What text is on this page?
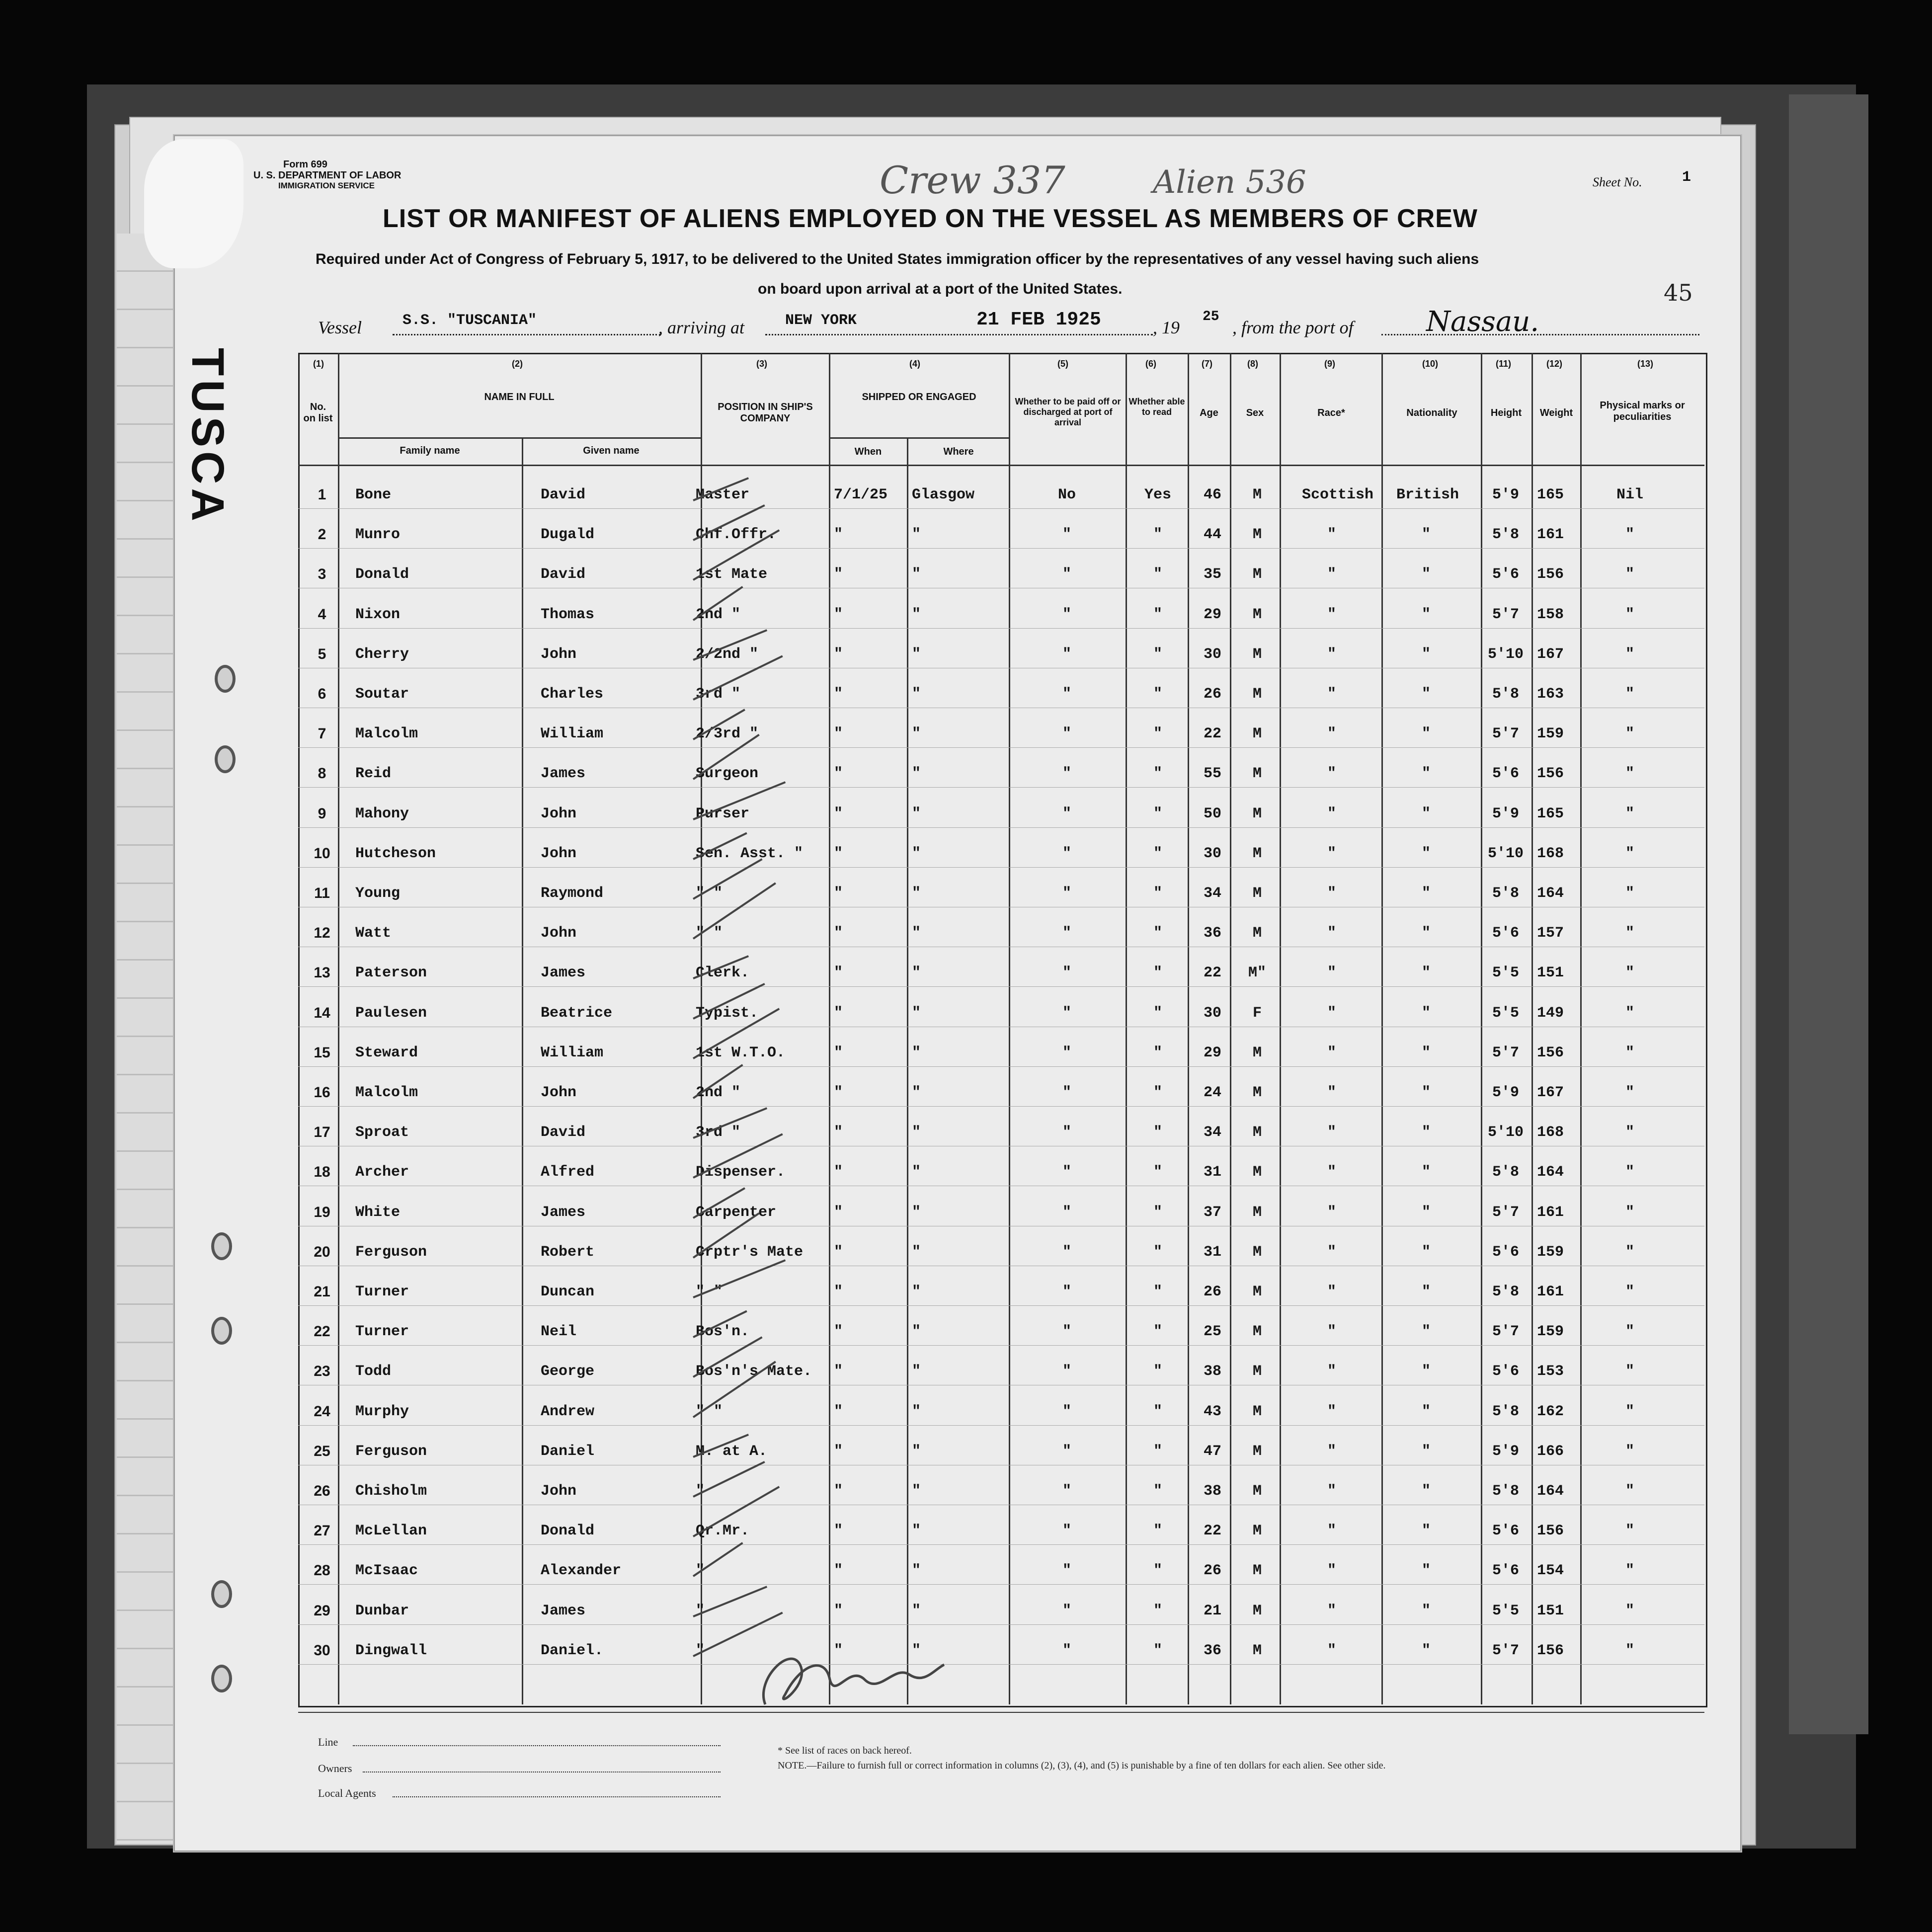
TUSCA
Form 699
U. S. DEPARTMENT OF LABOR
IMMIGRATION SERVICE	Crew 337	Alien 536	Sheet No.	1
LIST OR MANIFEST OF ALIENS EMPLOYED ON THE VESSEL AS MEMBERS OF CREW
Required under Act of Congress of February 5, 1917, to be delivered to the United States immigration officer by the representatives of any vessel having such aliens
on board upon arrival at a port of the United States.	45
Vessel	S.S. "TUSCANIA"	, arriving at	NEW YORK	21 FEB 1925	, 19
25
, from the port of	Nassau.
(1)
No. on list
(2)
NAME IN FULL
Family name	Given name
(3)
POSITION IN SHIP'S COMPANY
(4)
SHIPPED OR ENGAGED
When	Where
(5)
Whether to be paid off or discharged at port of arrival
(6)
Whether able to read
(7)
Age
(8)
Sex
(9)
Race*
(10)
Nationality
(11)
Height
(12)
Weight
(13)
Physical marks or peculiarities
1	Bone	David	Master	7/1/25 Glasgow	No	Yes	46	M	Scottish British	5'9	165	Nil
2	Munro	Dugald	Chf.Offr.	"	"	"	"	44	M	"	"	5'8	161	"
3	Donald	David	1st Mate	"	"	"	"	35	M	"	"	5'6	156	"
4	Nixon	Thomas	2nd "	"	"	"	"	29	M	"	"	5'7	158	"
5	Cherry	John	2/2nd "	"	"	"	"	30	M	"	"	5'10 167	"
6	Soutar	Charles	3rd "	"	"	"	"	26	M	"	"	5'8	163	"
7	Malcolm	William	2/3rd "	"	"	"	"	22	M	"	"	5'7	159	"
8	Reid	James	Surgeon	"	"	"	"	55	M	"	"	5'6	156	"
9	Mahony	John	Purser	"	"	"	"	50	M	"	"	5'9	165	"
10	Hutcheson	John	Sen. Asst. " "	"	"	"	30	M	"	"	5'10 168	"
11	Young	Raymond	" "	"	"	"	"	34	M	"	"	5'8	164	"
12	Watt	John	" "	"	"	"	"	36	M	"	"	5'6	157	"
13	Paterson	James	Clerk.	"	"	"	"	22	M"	"	"	5'5	151	"
14	Paulesen	Beatrice	Typist.	"	"	"	"	30	F	"	"	5'5	149	"
15	Steward	William	1st W.T.O.	"	"	"	"	29	M	"	"	5'7	156	"
16	Malcolm	John	2nd "	"	"	"	"	24	M	"	"	5'9	167	"
17	Sproat	David	3rd "	"	"	"	"	34	M	"	"	5'10 168	"
18	Archer	Alfred	Dispenser.	"	"	"	"	31	M	"	"	5'8	164	"
19	White	James	Carpenter	"	"	"	"	37	M	"	"	5'7	161	"
20	Ferguson	Robert	Crptr's Mate "	"	"	"	31	M	"	"	5'6	159	"
21	Turner	Duncan	" "	"	"	"	"	26	M	"	"	5'8	161	"
22	Turner	Neil	Bos'n.	"	"	"	"	25	M	"	"	5'7	159	"
23	Todd	George	Bos'n's Mate. "	"	"	"	38	M	"	"	5'6	153	"
24	Murphy	Andrew	" "	"	"	"	"	43	M	"	"	5'8	162	"
25	Ferguson	Daniel	M. at A.	"	"	"	"	47	M	"	"	5'9	166	"
26	Chisholm	John	"	"	"	"	"	38	M	"	"	5'8	164	"
27	McLellan	Donald	Qr.Mr.	"	"	"	"	22	M	"	"	5'6	156	"
28	McIsaac	Alexander	"	"	"	"	"	26	M	"	"	5'6	154	"
29	Dunbar	James	"	"	"	"	"	21	M	"	"	5'5	151	"
30	Dingwall	Daniel.	"	"	"	"	"	36	M	"	"	5'7	156	"
Line
Owners
Local Agents
* See list of races on back hereof.
NOTE.—Failure to furnish full or correct information in columns (2), (3), (4), and (5) is punishable by a fine of ten dollars for each alien. See other side.
